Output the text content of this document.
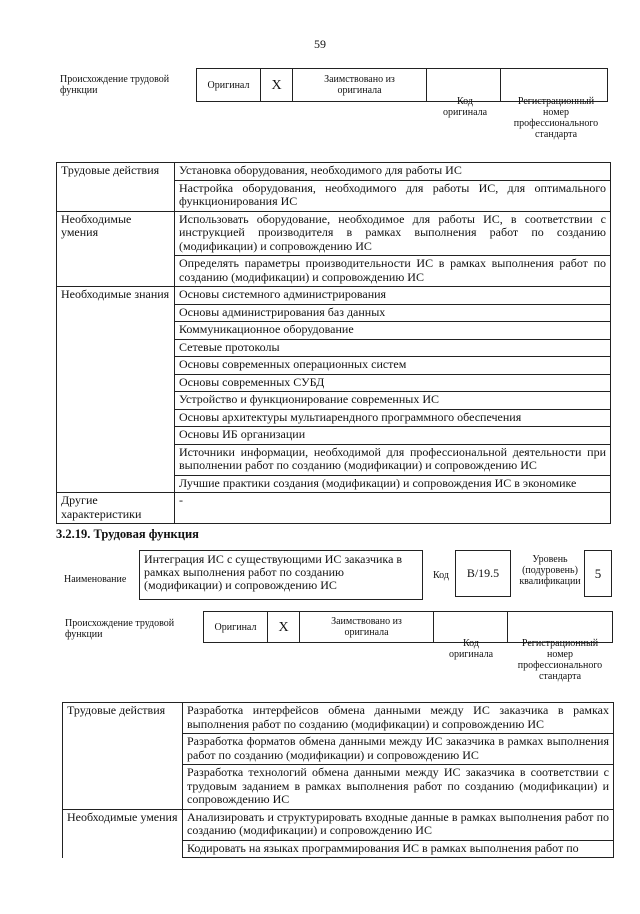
59
Происхождение трудовой функции	Оригинал X	Заимствовано из оригинала
Код оригинала
Регистрационный номер профессионального стандарта
Трудовые действия	Установка оборудования, необходимого для работы ИС
	Настройка оборудования, необходимого для работы ИС, для оптимального функционирования ИС
Необходимые умения	Использовать оборудование, необходимое для работы ИС, в соответствии с инструкцией производителя в рамках выполнения работ по созданию (модификации) и сопровождению ИС
	Определять параметры производительности ИС в рамках выполнения работ по созданию (модификации) и сопровождению ИС
Необходимые знания	Основы системного администрирования
	Основы администрирования баз данных
	Коммуникационное оборудование
	Сетевые протоколы
	Основы современных операционных систем
	Основы современных СУБД
	Устройство и функционирование современных ИС
	Основы архитектуры мультиарендного программного обеспечения
	Основы ИБ организации
	Источники информации, необходимой для профессиональной деятельности при выполнении работ по созданию (модификации) и сопровождению ИС
	Лучшие практики создания (модификации) и сопровождения ИС в экономике
Другие характеристики	-
3.2.19. Трудовая функция
Наименование
Интеграция ИС с существующими ИС заказчика в рамках выполнения работ по созданию (модификации) и сопровождению ИС
Код	B/19.5
Уровень (подуровень) квалификации
5
Происхождение трудовой функции
Оригинал X	Заимствовано из оригинала
Код оригинала
Регистрационный номер профессионального стандарта
Трудовые действия	Разработка интерфейсов обмена данными между ИС заказчика в рамках выполнения работ по созданию (модификации) и сопровождению ИС
	Разработка форматов обмена данными между ИС заказчика в рамках выполнения работ по созданию (модификации) и сопровождению ИС
	Разработка технологий обмена данными между ИС заказчика в соответствии с трудовым заданием в рамках выполнения работ по созданию (модификации) и сопровождению ИС
Необходимые умения	Анализировать и структурировать входные данные в рамках выполнения работ по созданию (модификации) и сопровождению ИС
	Кодировать на языках программирования ИС в рамках выполнения работ по
